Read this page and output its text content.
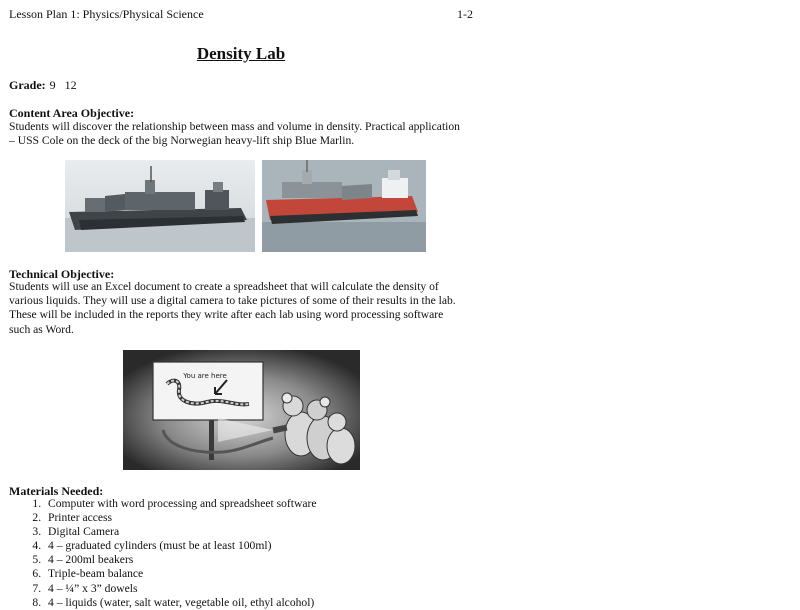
Lesson Plan 1: Physics/Physical Science	1-2
Density Lab
Grade: 9   12
Content Area Objective:
Students will discover the relationship between mass and volume in density. Practical application
– USS Cole on the deck of the big Norwegian heavy-lift ship Blue Marlin.
Technical Objective:
Students will use an Excel document to create a spreadsheet that will calculate the density of
various liquids. They will use a digital camera to take pictures of some of their results in the lab.
These will be included in the reports they write after each lab using word processing software
such as Word.
You are here
Materials Needed:
1. Computer with word processing and spreadsheet software
2. Printer access
3. Digital Camera
4. 4 – graduated cylinders (must be at least 100ml)
5. 4 – 200ml beakers
6. Triple-beam balance
7. 4 – ¼” x 3” dowels
8. 4 – liquids (water, salt water, vegetable oil, ethyl alcohol)
